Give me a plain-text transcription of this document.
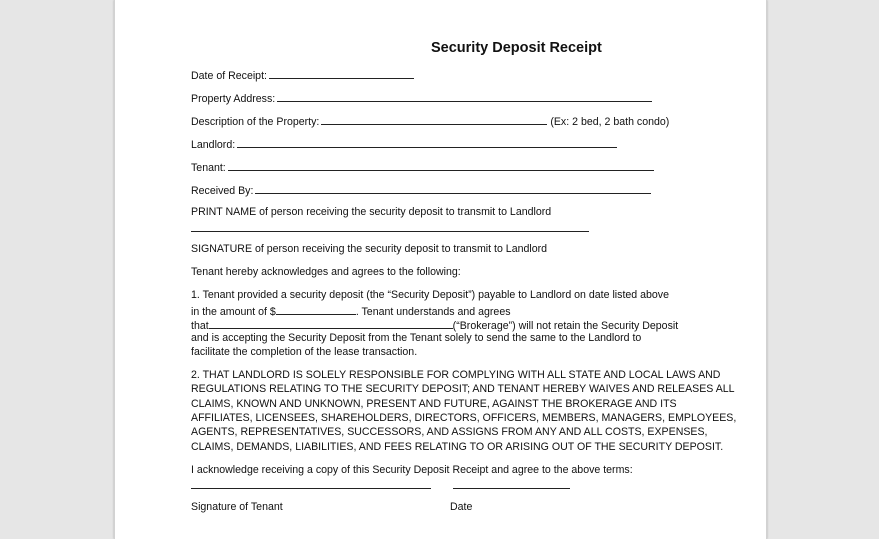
Security Deposit Receipt
Date of Receipt:
Property Address:
Description of the Property:	(Ex: 2 bed, 2 bath condo)
Landlord:
Tenant:
Received By:
PRINT NAME of person receiving the security deposit to transmit to Landlord
SIGNATURE of person receiving the security deposit to transmit to Landlord
Tenant hereby acknowledges and agrees to the following:
1. Tenant provided a security deposit (the “Security Deposit”) payable to Landlord on date listed above
in the amount of $	. Tenant understands and agrees
that	(“Brokerage”) will not retain the Security Deposit
and is accepting the Security Deposit from the Tenant solely to send the same to the Landlord to
facilitate the completion of the lease transaction.
2. THAT LANDLORD IS SOLELY RESPONSIBLE FOR COMPLYING WITH ALL STATE AND LOCAL LAWS AND
REGULATIONS RELATING TO THE SECURITY DEPOSIT; AND TENANT HEREBY WAIVES AND RELEASES ALL
CLAIMS, KNOWN AND UNKNOWN, PRESENT AND FUTURE, AGAINST THE BROKERAGE AND ITS
AFFILIATES, LICENSEES, SHAREHOLDERS, DIRECTORS, OFFICERS, MEMBERS, MANAGERS, EMPLOYEES,
AGENTS, REPRESENTATIVES, SUCCESSORS, AND ASSIGNS FROM ANY AND ALL COSTS, EXPENSES,
CLAIMS, DEMANDS, LIABILITIES, AND FEES RELATING TO OR ARISING OUT OF THE SECURITY DEPOSIT.
I acknowledge receiving a copy of this Security Deposit Receipt and agree to the above terms:
Signature of Tenant	Date
